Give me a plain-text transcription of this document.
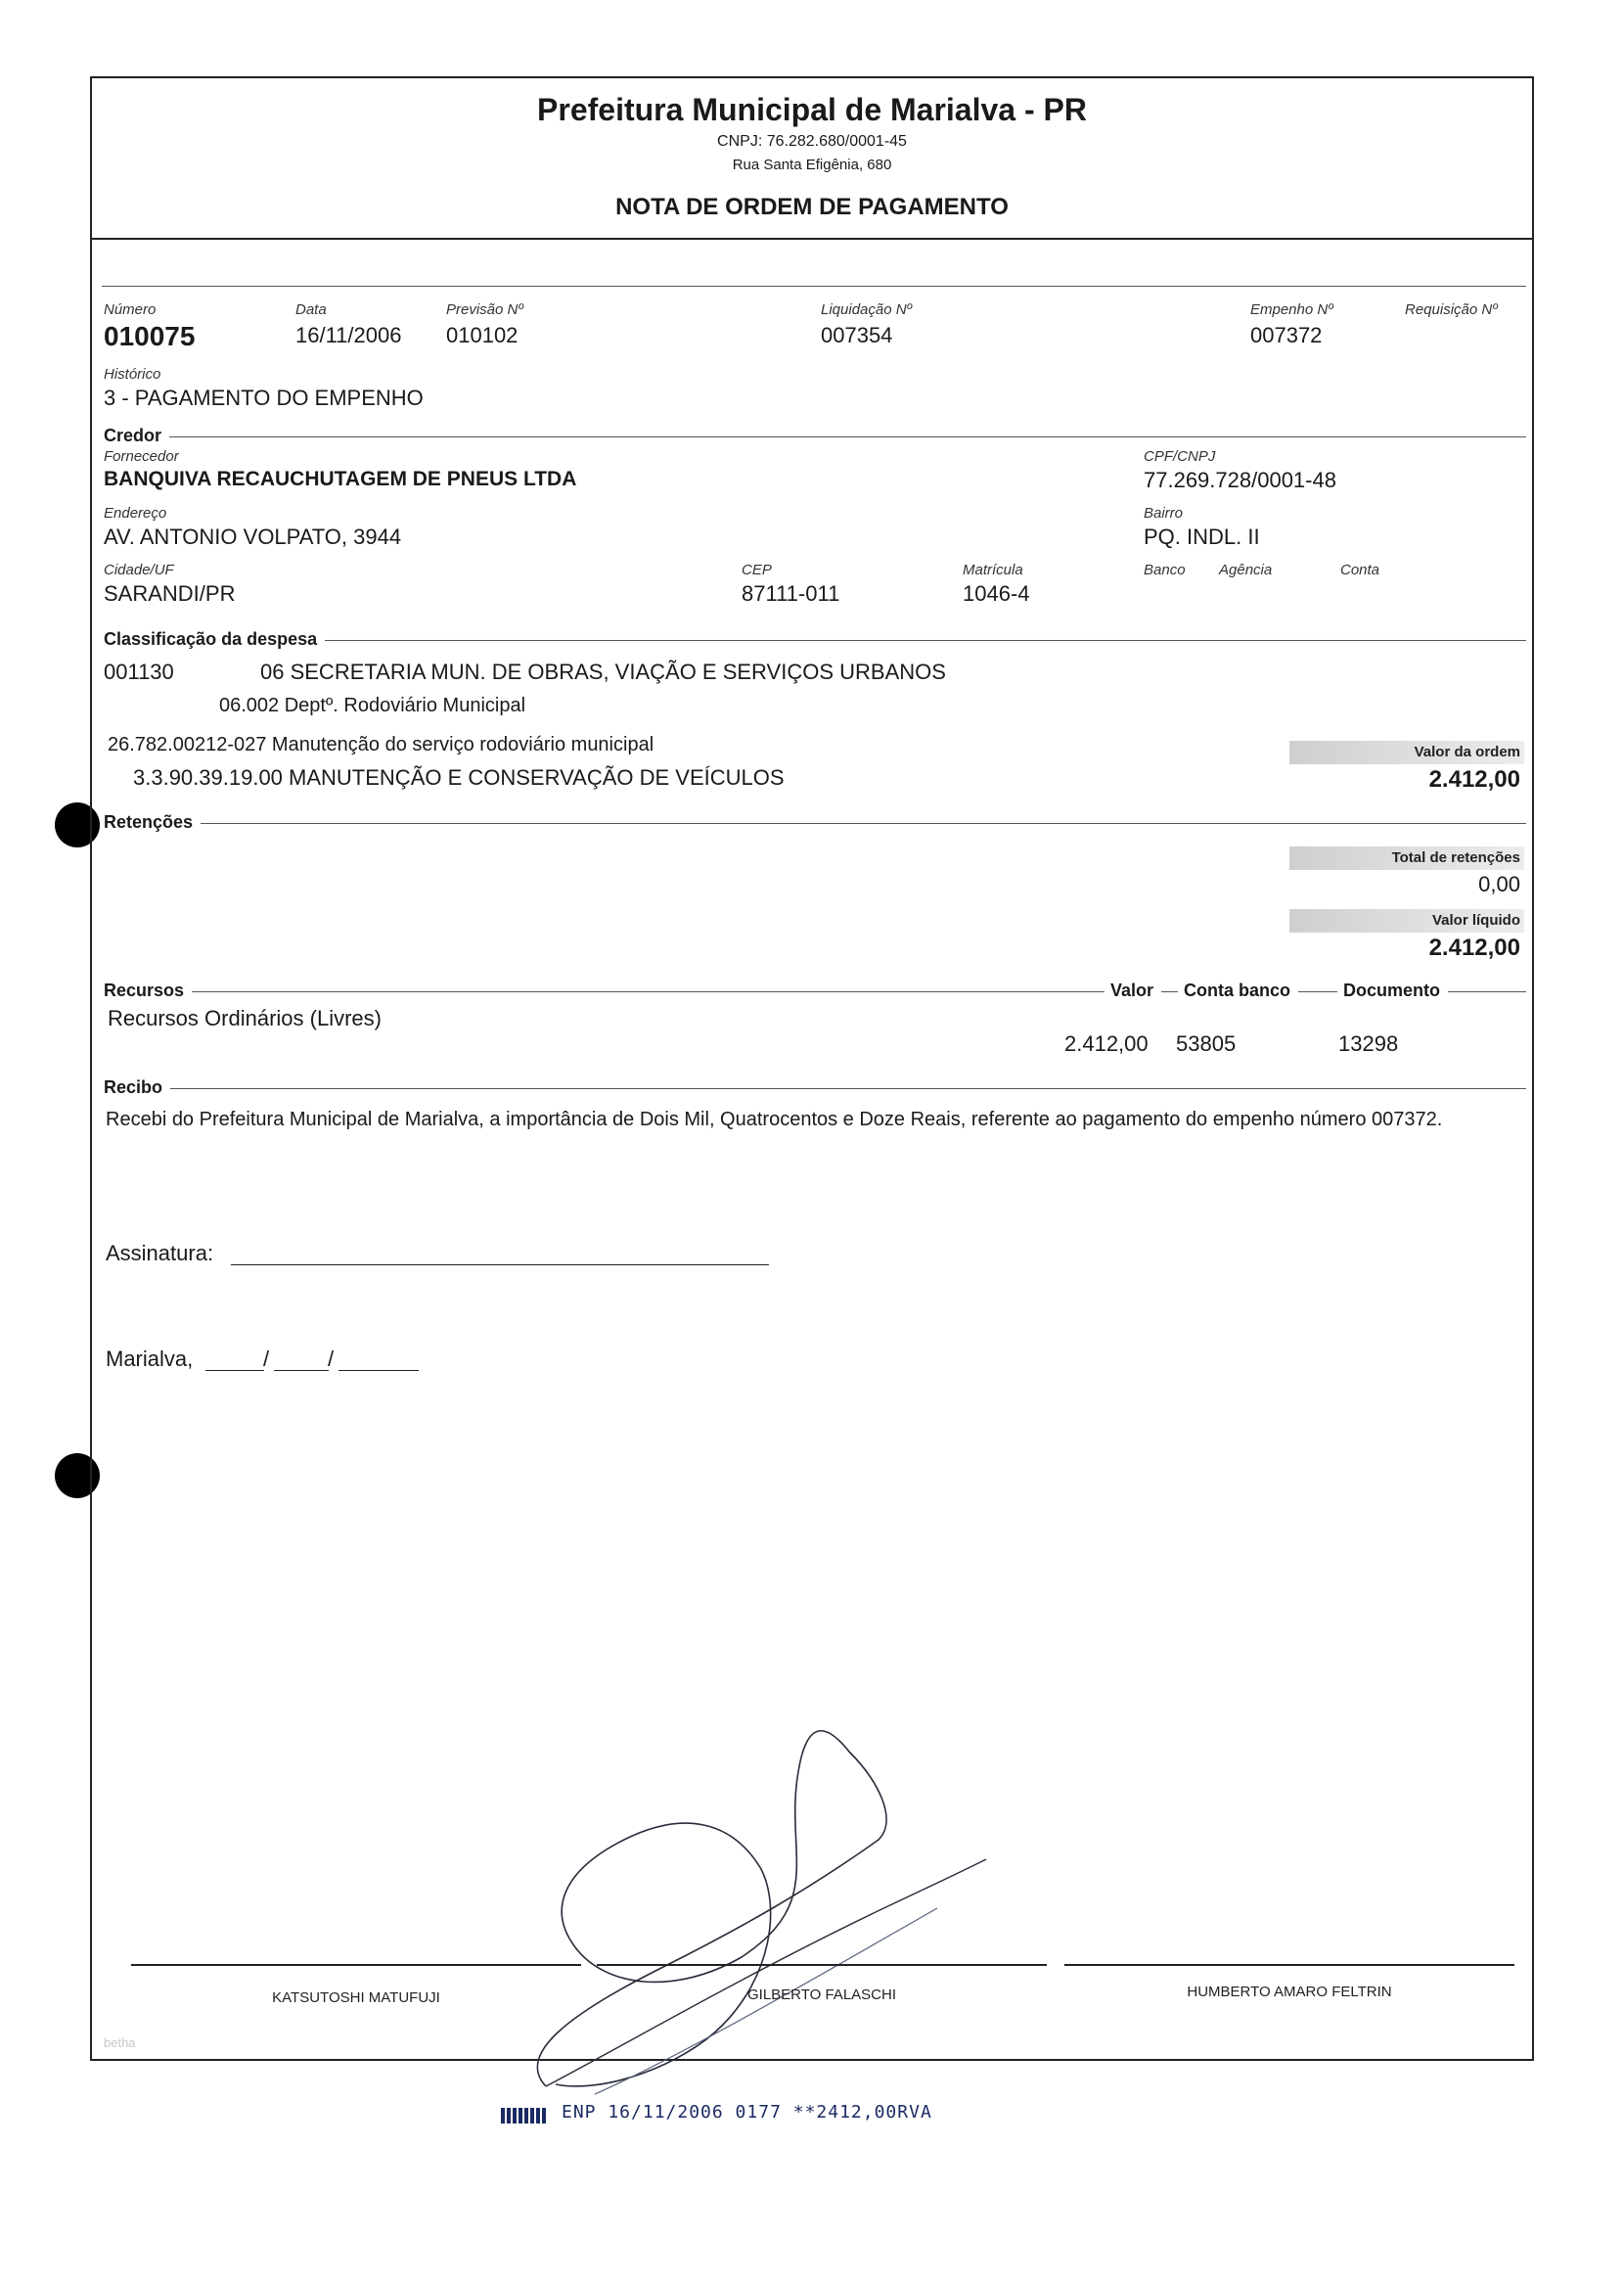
Prefeitura Municipal de Marialva - PR
CNPJ: 76.282.680/0001-45
Rua Santa Efigênia, 680
NOTA DE ORDEM DE PAGAMENTO
Número
010075
Data
16/11/2006
Previsão Nº
010102
Liquidação Nº
007354
Empenho Nº
007372
Requisição Nº
Histórico
3 - PAGAMENTO DO EMPENHO
Credor
Fornecedor
BANQUIVA RECAUCHUTAGEM DE PNEUS LTDA
CPF/CNPJ
77.269.728/0001-48
Endereço
AV. ANTONIO VOLPATO, 3944
Bairro
PQ. INDL. II
Cidade/UF
SARANDI/PR
CEP
87111-011
Matrícula
1046-4
Banco Agência	Conta
Classificação da despesa
001130	06 SECRETARIA MUN. DE OBRAS, VIAÇÃO E SERVIÇOS URBANOS
06.002 Deptº. Rodoviário Municipal
26.782.00212-027 Manutenção do serviço rodoviário municipal
3.3.90.39.19.00 MANUTENÇÃO E CONSERVAÇÃO DE VEÍCULOS
Valor da ordem
2.412,00
Retenções
Total de retenções
0,00
Valor líquido
2.412,00
Recursos	Valor	Conta banco	Documento
Recursos Ordinários (Livres)
2.412,00 53805	13298
Recibo
Recebi do Prefeitura Municipal de Marialva, a importância de Dois Mil, Quatrocentos e Doze Reais, referente ao pagamento do empenho número 007372.
Assinatura:
Marialva,	/	/
KATSUTOSHI MATUFUJI	GILBERTO FALASCHI	HUMBERTO AMARO FELTRIN
betha
ENP 16/11/2006 0177 **2412,00RVA
